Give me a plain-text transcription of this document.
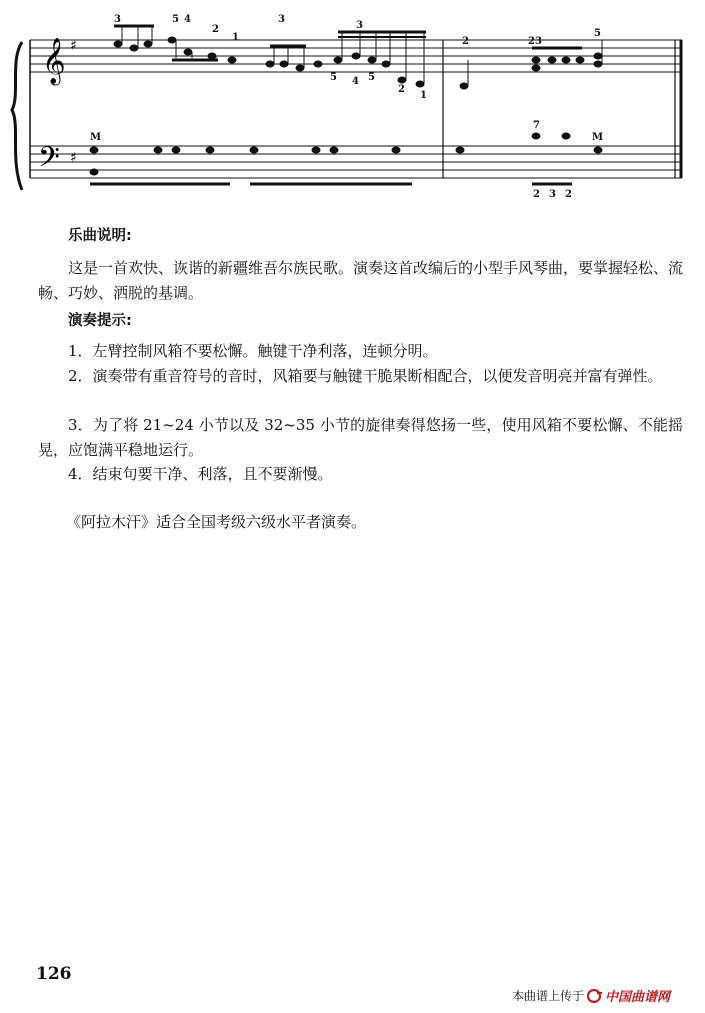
𝄞
𝄢
♯
♯
3	5 4
2
1
3
3
5 4 5
2
1
2	23
5
7
2 3 2
M	M
乐曲说明:
这是一首欢快、诙谐的新疆维吾尔族民歌。演奏这首改编后的小型手风琴曲，要掌握轻松、流畅、巧妙、洒脱的基调。
演奏提示:
1．左臂控制风箱不要松懈。触键干净利落，连顿分明。
2．演奏带有重音符号的音时，风箱要与触键干脆果断相配合，以便发音明亮并富有弹性。
3．为了将 21~24 小节以及 32~35 小节的旋律奏得悠扬一些，使用风箱不要松懈、不能摇晃，应饱满平稳地运行。
4．结束句要干净、利落，且不要渐慢。
《阿拉木汗》适合全国考级六级水平者演奏。
126
本曲谱上传于 中国曲谱网
